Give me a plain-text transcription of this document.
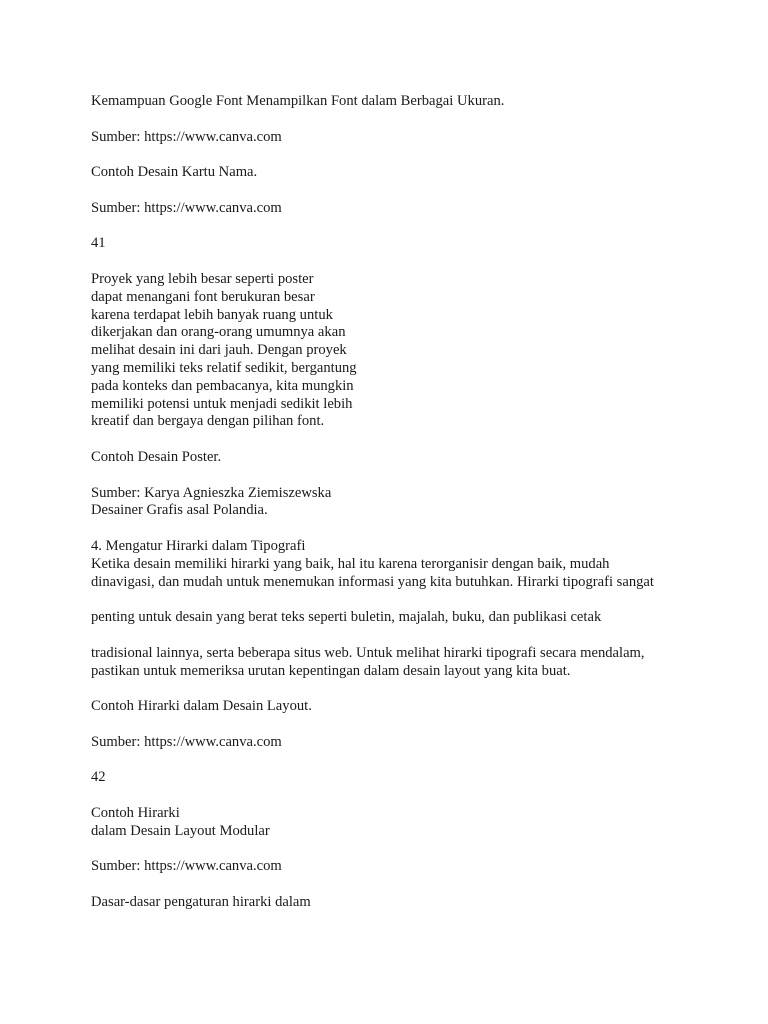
Kemampuan Google Font Menampilkan Font dalam Berbagai Ukuran.
Sumber: https://www.canva.com
Contoh Desain Kartu Nama.
Sumber: https://www.canva.com
41
Proyek yang lebih besar seperti poster
dapat menangani font berukuran besar
karena terdapat lebih banyak ruang untuk
dikerjakan dan orang-orang umumnya akan
melihat desain ini dari jauh. Dengan proyek
yang memiliki teks relatif sedikit, bergantung
pada konteks dan pembacanya, kita mungkin
memiliki potensi untuk menjadi sedikit lebih
kreatif dan bergaya dengan pilihan font.
Contoh Desain Poster.
Sumber: Karya Agnieszka Ziemiszewska
Desainer Grafis asal Polandia.
4. Mengatur Hirarki dalam Tipografi
Ketika desain memiliki hirarki yang baik, hal itu karena terorganisir dengan baik, mudah
dinavigasi, dan mudah untuk menemukan informasi yang kita butuhkan. Hirarki tipografi sangat
penting untuk desain yang berat teks seperti buletin, majalah, buku, dan publikasi cetak
tradisional lainnya, serta beberapa situs web. Untuk melihat hirarki tipografi secara mendalam,
pastikan untuk memeriksa urutan kepentingan dalam desain layout yang kita buat.
Contoh Hirarki dalam Desain Layout.
Sumber: https://www.canva.com
42
Contoh Hirarki
dalam Desain Layout Modular
Sumber: https://www.canva.com
Dasar-dasar pengaturan hirarki dalam
